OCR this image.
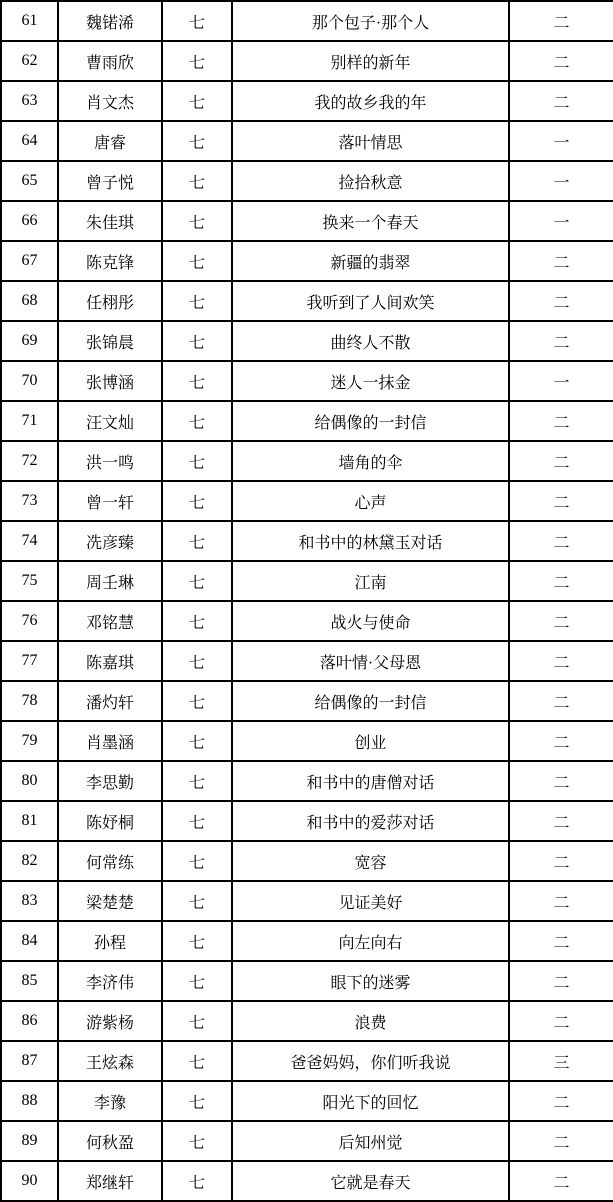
61	魏锘浠	七	那个包子·那个人	二
62	曹雨欣	七	别样的新年	二
63	肖文杰	七	我的故乡我的年	二
64	唐睿	七	落叶情思	一
65	曾子悦	七	捡拾秋意	一
66	朱佳琪	七	换来一个春天	一
67	陈克锋	七	新疆的翡翠	二
68	任栩彤	七	我听到了人间欢笑	二
69	张锦晨	七	曲终人不散	二
70	张博涵	七	迷人一抹金	一
71	汪文灿	七	给偶像的一封信	二
72	洪一鸣	七	墙角的伞	二
73	曾一轩	七	心声	二
74	冼彦臻	七	和书中的林黛玉对话	二
75	周壬琳	七	江南	二
76	邓铭慧	七	战火与使命	二
77	陈嘉琪	七	落叶情·父母恩	二
78	潘灼轩	七	给偶像的一封信	二
79	肖墨涵	七	创业	二
80	李思勤	七	和书中的唐僧对话	二
81	陈妤桐	七	和书中的爱莎对话	二
82	何常练	七	宽容	二
83	梁楚楚	七	见证美好	二
84	孙程	七	向左向右	二
85	李济伟	七	眼下的迷雾	二
86	游紫杨	七	浪费	二
87	王炫森	七	爸爸妈妈，你们听我说	三
88	李豫	七	阳光下的回忆	二
89	何秋盈	七	后知州觉	二
90	郑继轩	七	它就是春天	二
